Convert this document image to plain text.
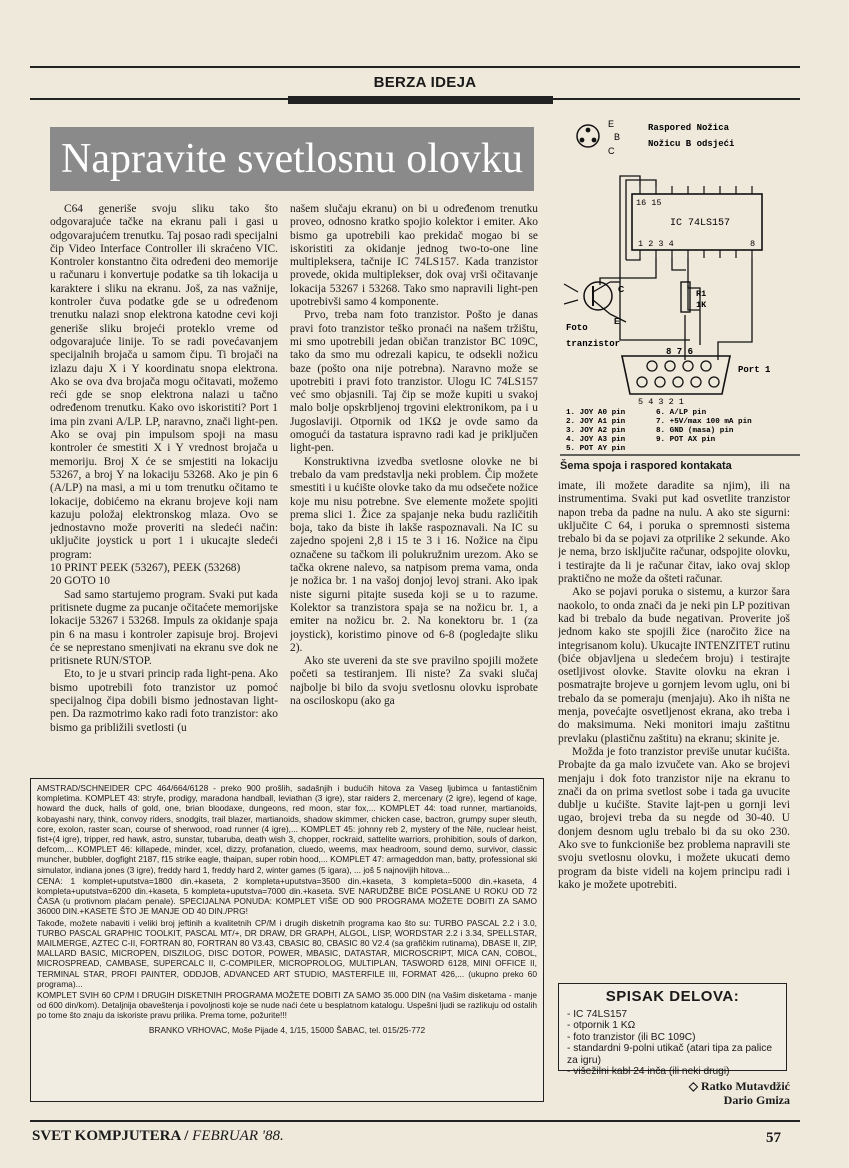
BERZA IDEJA
Napravite svetlosnu olovku

C64 generiše svoju sliku tako što odgovarajuće tačke na ekranu pali i gasi u odgovarajućem trenutku. Taj posao radi specijalni čip Video Interface Controller ili skraćeno VIC. Kontroler konstantno čita određeni deo memorije u računaru i konvertuje podatke sa tih lokacija u karaktere i sliku na ekranu. Još, za nas važnije, kontroler čuva podatke gde se u određenom trenutku nalazi snop elektrona katodne cevi koji generiše sliku brojeći proteklo vreme od odgovarajuće linije. To se radi povećavanjem specijalnih brojača u samom čipu. Ti brojači na izlazu daju X i Y koordinatu snopa elektrona. Ako se ova dva brojača mogu očitavati, možemo reći gde se snop elektrona nalazi u tačno određenom trenutku. Kako ovo iskoristiti? Port 1 ima pin zvani A/LP. LP, naravno, znači light-pen. Ako se ovaj pin impulsom spoji na masu kontroler će smestiti X i Y vrednost brojača u memoriju. Broj X će se smjestiti na lokaciju 53267, a broj Y na lokaciju 53268. Ako je pin 6 (A/LP) na masi, a mi u tom trenutku očitamo te lokacije, dobićemo na ekranu brojeve koji nam kazuju položaj elektronskog mlaza. Ovo se jednostavno može proveriti na sledeći način: uključite joystick u port 1 i ukucajte sledeći program:

10 PRINT PEEK (53267), PEEK (53268)
20 GOTO 10

Sad samo startujemo program. Svaki put kada pritisnete dugme za pucanje očitaćete memorijske lokacije 53267 i 53268. Impuls za okidanje spaja pin 6 na masu i kontroler zapisuje broj. Brojevi će se neprestano smenjivati na ekranu sve dok ne pritisnete RUN/STOP.

Eto, to je u stvari princip rada light-pena. Ako bismo upotrebili foto tranzistor uz pomoć specijalnog čipa dobili bismo jednostavan light-pen. Da razmotrimo kako radi foto tranzistor: ako bismo ga približili svetlosti (u

našem slučaju ekranu) on bi u određenom trenutku proveo, odnosno kratko spojio kolektor i emiter. Ako bismo ga upotrebili kao prekidač mogao bi se iskoristiti za okidanje jednog two-to-one line multipleksera, tačnije IC 74LS157. Kada tranzistor provede, okida multiplekser, dok ovaj vrši očitavanje lokacija 53267 i 53268. Tako smo napravili light-pen upotrebivši samo 4 komponente.

Prvo, treba nam foto tranzistor. Pošto je danas pravi foto tranzistor teško pronaći na našem tržištu, mi smo upotrebili jedan običan tranzistor BC 109C, tako da smo mu odrezali kapicu, te odsekli nožicu baze (pošto ona nije potrebna). Naravno može se upotrebiti i pravi foto tranzistor. Ulogu IC 74LS157 već smo objasnili. Taj čip se može kupiti u svakoj malo bolje opskrbljenoj trgovini elektronikom, pa i u Jugoslaviji. Otpornik od 1KΩ je ovde samo da omogući da tastatura ispravno radi kad je priključen light-pen.

Konstruktivna izvedba svetlosne olovke ne bi trebalo da vam predstavlja neki problem. Čip možete smestiti i u kućište olovke tako da mu odsečete nožice koje mu nisu potrebne. Sve elemente možete spojiti prema slici 1. Žice za spajanje neka budu različitih boja, tako da biste ih lakše raspoznavali. Na IC su zajedno spojeni 2,8 i 15 te 3 i 16. Nožice na čipu označene su tačkom ili polukružnim urezom. Ako se tačka okrene nalevo, sa natpisom prema vama, onda je nožica br. 1 na vašoj donjoj levoj strani. Ako ipak niste sigurni pitajte suseda koji se u to razume. Kolektor sa tranzistora spaja se na nožicu br. 1, a emiter na nožicu br. 2. Na konektoru br. 1 (za joystick), koristimo pinove od 6-8 (pogledajte sliku 2).

Ako ste uvereni da ste sve pravilno spojili možete početi sa testiranjem. Ili niste? Za svaki slučaj najbolje bi bilo da svoju svetlosnu olovku isprobate na osciloskopu (ako ga

imate, ili možete daradite sa njim), ili na instrumentima. Svaki put kad osvetlite tranzistor napon treba da padne na nulu. A ako ste sigurni: uključite C 64, i poruka o spremnosti sistema trebalo bi da se pojavi za otprilike 2 sekunde. Ako je nema, brzo isključite računar, odspojite olovku, i testirajte da li je računar čitav, iako ovaj sklop praktično ne može da ošteti računar.

Ako se pojavi poruka o sistemu, a kurzor šara naokolo, to onda znači da je neki pin LP pozitivan kad bi trebalo da bude negativan. Proverite još jednom kako ste spojili žice (naročito žice na integrisanom kolu). Ukucajte INTENZITET rutinu (biće objavljena u sledećem broju) i testirajte osetljivost olovke. Stavite olovku na ekran i posmatrajte brojeve u gornjem levom uglu, oni bi trebalo da se pomeraju (menjaju). Ako ih ništa ne menja, povećajte osvetljenost ekrana, ako treba i do maksimuma. Neki monitori imaju zaštitnu prevlaku (plastičnu zaštitu) na ekranu; skinite je.

Možda je foto tranzistor previše unutar kućišta. Probajte da ga malo izvučete van. Ako se brojevi menjaju i dok foto tranzistor nije na ekranu to znači da on prima svetlost sobe i tada ga uvucite dublje u kućište. Stavite lajt-pen u gornji levi ugao, brojevi treba da su negde od 30-40. U donjem desnom uglu trebalo bi da su oko 230. Ako sve to funkcioniše bez problema napravili ste svoju svetlosnu olovku, i možete ukucati demo program da biste videli na kojem principu radi i kako je možete upotrebiti.

E
B
C
Raspored Nožica
Nožicu B odsjeći
16 15
IC 74LS157
1 2 3 4	8
R1
1K
C
E
Foto
tranzistor
8 7 6
Port 1
5 4 3 2 1
1. JOY A0 pin
2. JOY A1 pin
3. JOY A2 pin
4. JOY A3 pin
5. POT AY pin
6. A/LP pin
7. +5V/max 100 mA pin
8. GND (masa) pin
9. POT AX pin
Šema spoja i raspored kontakata

AMSTRAD/SCHNEIDER CPC 464/664/6128 - preko 900 prošlih, sadašnjih i budućih hitova za Vaseg ljubimca u fantastičnim kompletima. KOMPLET 43: stryfe, prodigy, maradona handball, leviathan (3 igre), star raiders 2, mercenary (2 igre), legend of kage, howard the duck, halls of gold, one, brian bloodaxe, dungeons, red moon, star fox,... KOMPLET 44: toad runner, martianoids, kobayashi nary, think, convoy riders, snodgits, trail blazer, martianoids, shadow skimmer, chicken case, bactron, grumpy super sleuth, core, exolon, raster scan, course of sherwood, road runner (4 igre),... KOMPLET 45: johnny reb 2, mystery of the Nile, nuclear heist, fist+(4 igre), tripper, red hawk, astro, sunstar, tubaruba, death wish 3, chopper, rockraid, sattelite warriors, prohibition, souls of darkon, defcom,... KOMPLET 46: killapede, minder, xcel, dizzy, profanation, cluedo, weems, max headroom, sound demo, survivor, classic muncher, bubbler, dogfight 2187, f15 strike eagle, thaipan, super robin hood,... KOMPLET 47: armageddon man, batty, professional ski simulator, indiana jones (3 igre), freddy hard 1, freddy hard 2, winter games (5 igara), ... još 5 najnovijih hitova...

CENA: 1 komplet+uputstva=1800 din.+kaseta, 2 kompleta+uputstva=3500 din.+kaseta, 3 kompleta=5000 din.+kaseta, 4 kompleta+uputstva=6200 din.+kaseta, 5 kompleta+uputstva=7000 din.+kaseta. SVE NARUDŽBE BIĆE POSLANE U ROKU OD 72 ČASA (u protivnom plaćam penale). SPECIJALNA PONUDA: KOMPLET VIŠE OD 900 PROGRAMA MOŽETE DOBITI ZA SAMO 36000 DIN.+KASETE ŠTO JE MANJE OD 40 DIN./PRG!

Takođe, možete nabaviti i veliki broj jeftinih a kvalitetnih CP/M i drugih disketnih programa kao što su: TURBO PASCAL 2.2 i 3.0, TURBO PASCAL GRAPHIC TOOLKIT, PASCAL MT/+, DR DRAW, DR GRAPH, ALGOL, LISP, WORDSTAR 2.2 i 3.34, SPELLSTAR, MAILMERGE, AZTEC C-II, FORTRAN 80, FORTRAN 80 V3.43, CBASIC 80, CBASIC 80 V2.4 (sa grafičkim rutinama), DBASE II, ZIP, MALLARD BASIC, MICROPEN, DISZILOG, DISC DOTOR, POWER, MBASIC, DATASTAR, MICROSCRIPT, MICA CAN, COBOL, MICROSPREAD, CAMBASE, SUPERCALC II, C-COMPILER, MICROPROLOG, MULTIPLAN, TASWORD 6128, MINI OFFICE II, TERMINAL STAR, PROFI PAINTER, ODDJOB, ADVANCED ART STUDIO, MASTERFILE III, FORMAT 426,... (ukupno preko 60 programa)...

KOMPLET SVIH 60 CP/M I DRUGIH DISKETNIH PROGRAMA MOŽETE DOBITI ZA SAMO 35.000 DIN (na Vašim disketama - manje od 600 din/kom). Detaljnija obaveštenja i povoljnosti koje se nude naći ćete u besplatnom katalogu. Uspešni ljudi se razlikuju od ostalih po tome što znaju da iskoriste pravu prilika. Prema tome, požurite!!!

BRANKO VRHOVAC, Moše Pijade 4, 1/15, 15000 ŠABAC, tel. 015/25-772

SPISAK DELOVA:
- IC 74LS157
- otpornik 1 KΩ
- foto tranzistor (ili BC 109C)
- standardni 9-polni utikač (atari tipa za palice za igru)
- višežilni kabl 24 inča (ili neki drugi)
◇ Ratko Mutavdžić
Dario Gmiza
SVET KOMPJUTERA / FEBRUAR '88.	57
